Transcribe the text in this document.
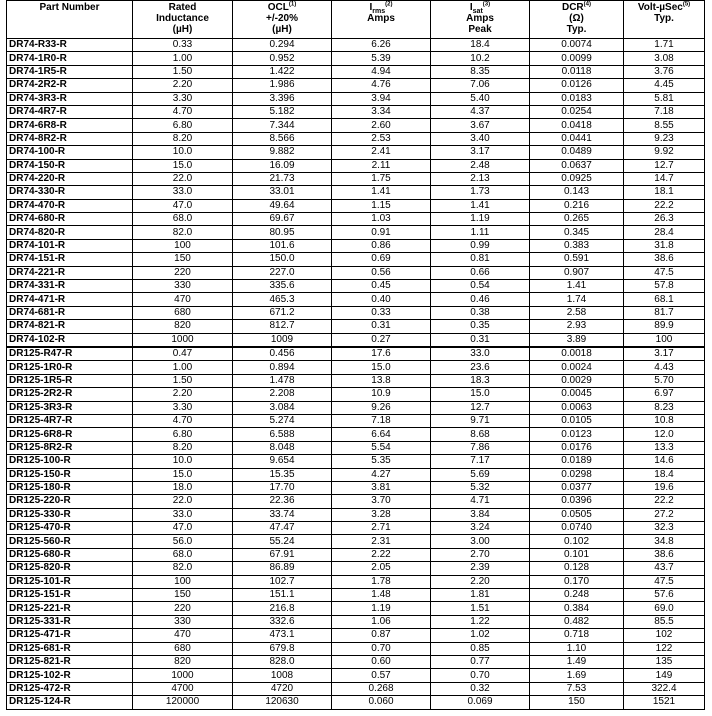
Part Number	Rated
Inductance
(µH)	$OCL^{(1)}$
+/-20%
(µH)	$I_{rms}^{(2)}$
Amps	$I_{sat}^{(3)}$
Amps
Peak	DCR$^{(4)}$
(Ω)
Typ.	Volt-µSec$^{(5)}$
Typ.

DR74-R33-R	0.33	0.294	6.26	18.4	0.0074	1.71
DR74-1R0-R	1.00	0.952	5.39	10.2	0.0099	3.08
DR74-1R5-R	1.50	1.422	4.94	8.35	0.0118	3.76
DR74-2R2-R	2.20	1.986	4.76	7.06	0.0126	4.45
DR74-3R3-R	3.30	3.396	3.94	5.40	0.0183	5.81
DR74-4R7-R	4.70	5.182	3.34	4.37	0.0254	7.18
DR74-6R8-R	6.80	7.344	2.60	3.67	0.0418	8.55
DR74-8R2-R	8.20	8.566	2.53	3.40	0.0441	9.23
DR74-100-R	10.0	9.882	2.41	3.17	0.0489	9.92
DR74-150-R	15.0	16.09	2.11	2.48	0.0637	12.7
DR74-220-R	22.0	21.73	1.75	2.13	0.0925	14.7
DR74-330-R	33.0	33.01	1.41	1.73	0.143	18.1
DR74-470-R	47.0	49.64	1.15	1.41	0.216	22.2
DR74-680-R	68.0	69.67	1.03	1.19	0.265	26.3
DR74-820-R	82.0	80.95	0.91	1.11	0.345	28.4
DR74-101-R	100	101.6	0.86	0.99	0.383	31.8
DR74-151-R	150	150.0	0.69	0.81	0.591	38.6
DR74-221-R	220	227.0	0.56	0.66	0.907	47.5
DR74-331-R	330	335.6	0.45	0.54	1.41	57.8
DR74-471-R	470	465.3	0.40	0.46	1.74	68.1
DR74-681-R	680	671.2	0.33	0.38	2.58	81.7
DR74-821-R	820	812.7	0.31	0.35	2.93	89.9
DR74-102-R	1000	1009	0.27	0.31	3.89	100
DR125-R47-R	0.47	0.456	17.6	33.0	0.0018	3.17
DR125-1R0-R	1.00	0.894	15.0	23.6	0.0024	4.43
DR125-1R5-R	1.50	1.478	13.8	18.3	0.0029	5.70
DR125-2R2-R	2.20	2.208	10.9	15.0	0.0045	6.97
DR125-3R3-R	3.30	3.084	9.26	12.7	0.0063	8.23
DR125-4R7-R	4.70	5.274	7.18	9.71	0.0105	10.8
DR125-6R8-R	6.80	6.588	6.64	8.68	0.0123	12.0
DR125-8R2-R	8.20	8.048	5.54	7.86	0.0176	13.3
DR125-100-R	10.0	9.654	5.35	7.17	0.0189	14.6
DR125-150-R	15.0	15.35	4.27	5.69	0.0298	18.4
DR125-180-R	18.0	17.70	3.81	5.32	0.0377	19.6
DR125-220-R	22.0	22.36	3.70	4.71	0.0396	22.2
DR125-330-R	33.0	33.74	3.28	3.84	0.0505	27.2
DR125-470-R	47.0	47.47	2.71	3.24	0.0740	32.3
DR125-560-R	56.0	55.24	2.31	3.00	0.102	34.8
DR125-680-R	68.0	67.91	2.22	2.70	0.101	38.6
DR125-820-R	82.0	86.89	2.05	2.39	0.128	43.7
DR125-101-R	100	102.7	1.78	2.20	0.170	47.5
DR125-151-R	150	151.1	1.48	1.81	0.248	57.6
DR125-221-R	220	216.8	1.19	1.51	0.384	69.0
DR125-331-R	330	332.6	1.06	1.22	0.482	85.5
DR125-471-R	470	473.1	0.87	1.02	0.718	102
DR125-681-R	680	679.8	0.70	0.85	1.10	122
DR125-821-R	820	828.0	0.60	0.77	1.49	135
DR125-102-R	1000	1008	0.57	0.70	1.69	149
DR125-472-R	4700	4720	0.268	0.32	7.53	322.4
DR125-124-R	120000	120630	0.060	0.069	150	1521
